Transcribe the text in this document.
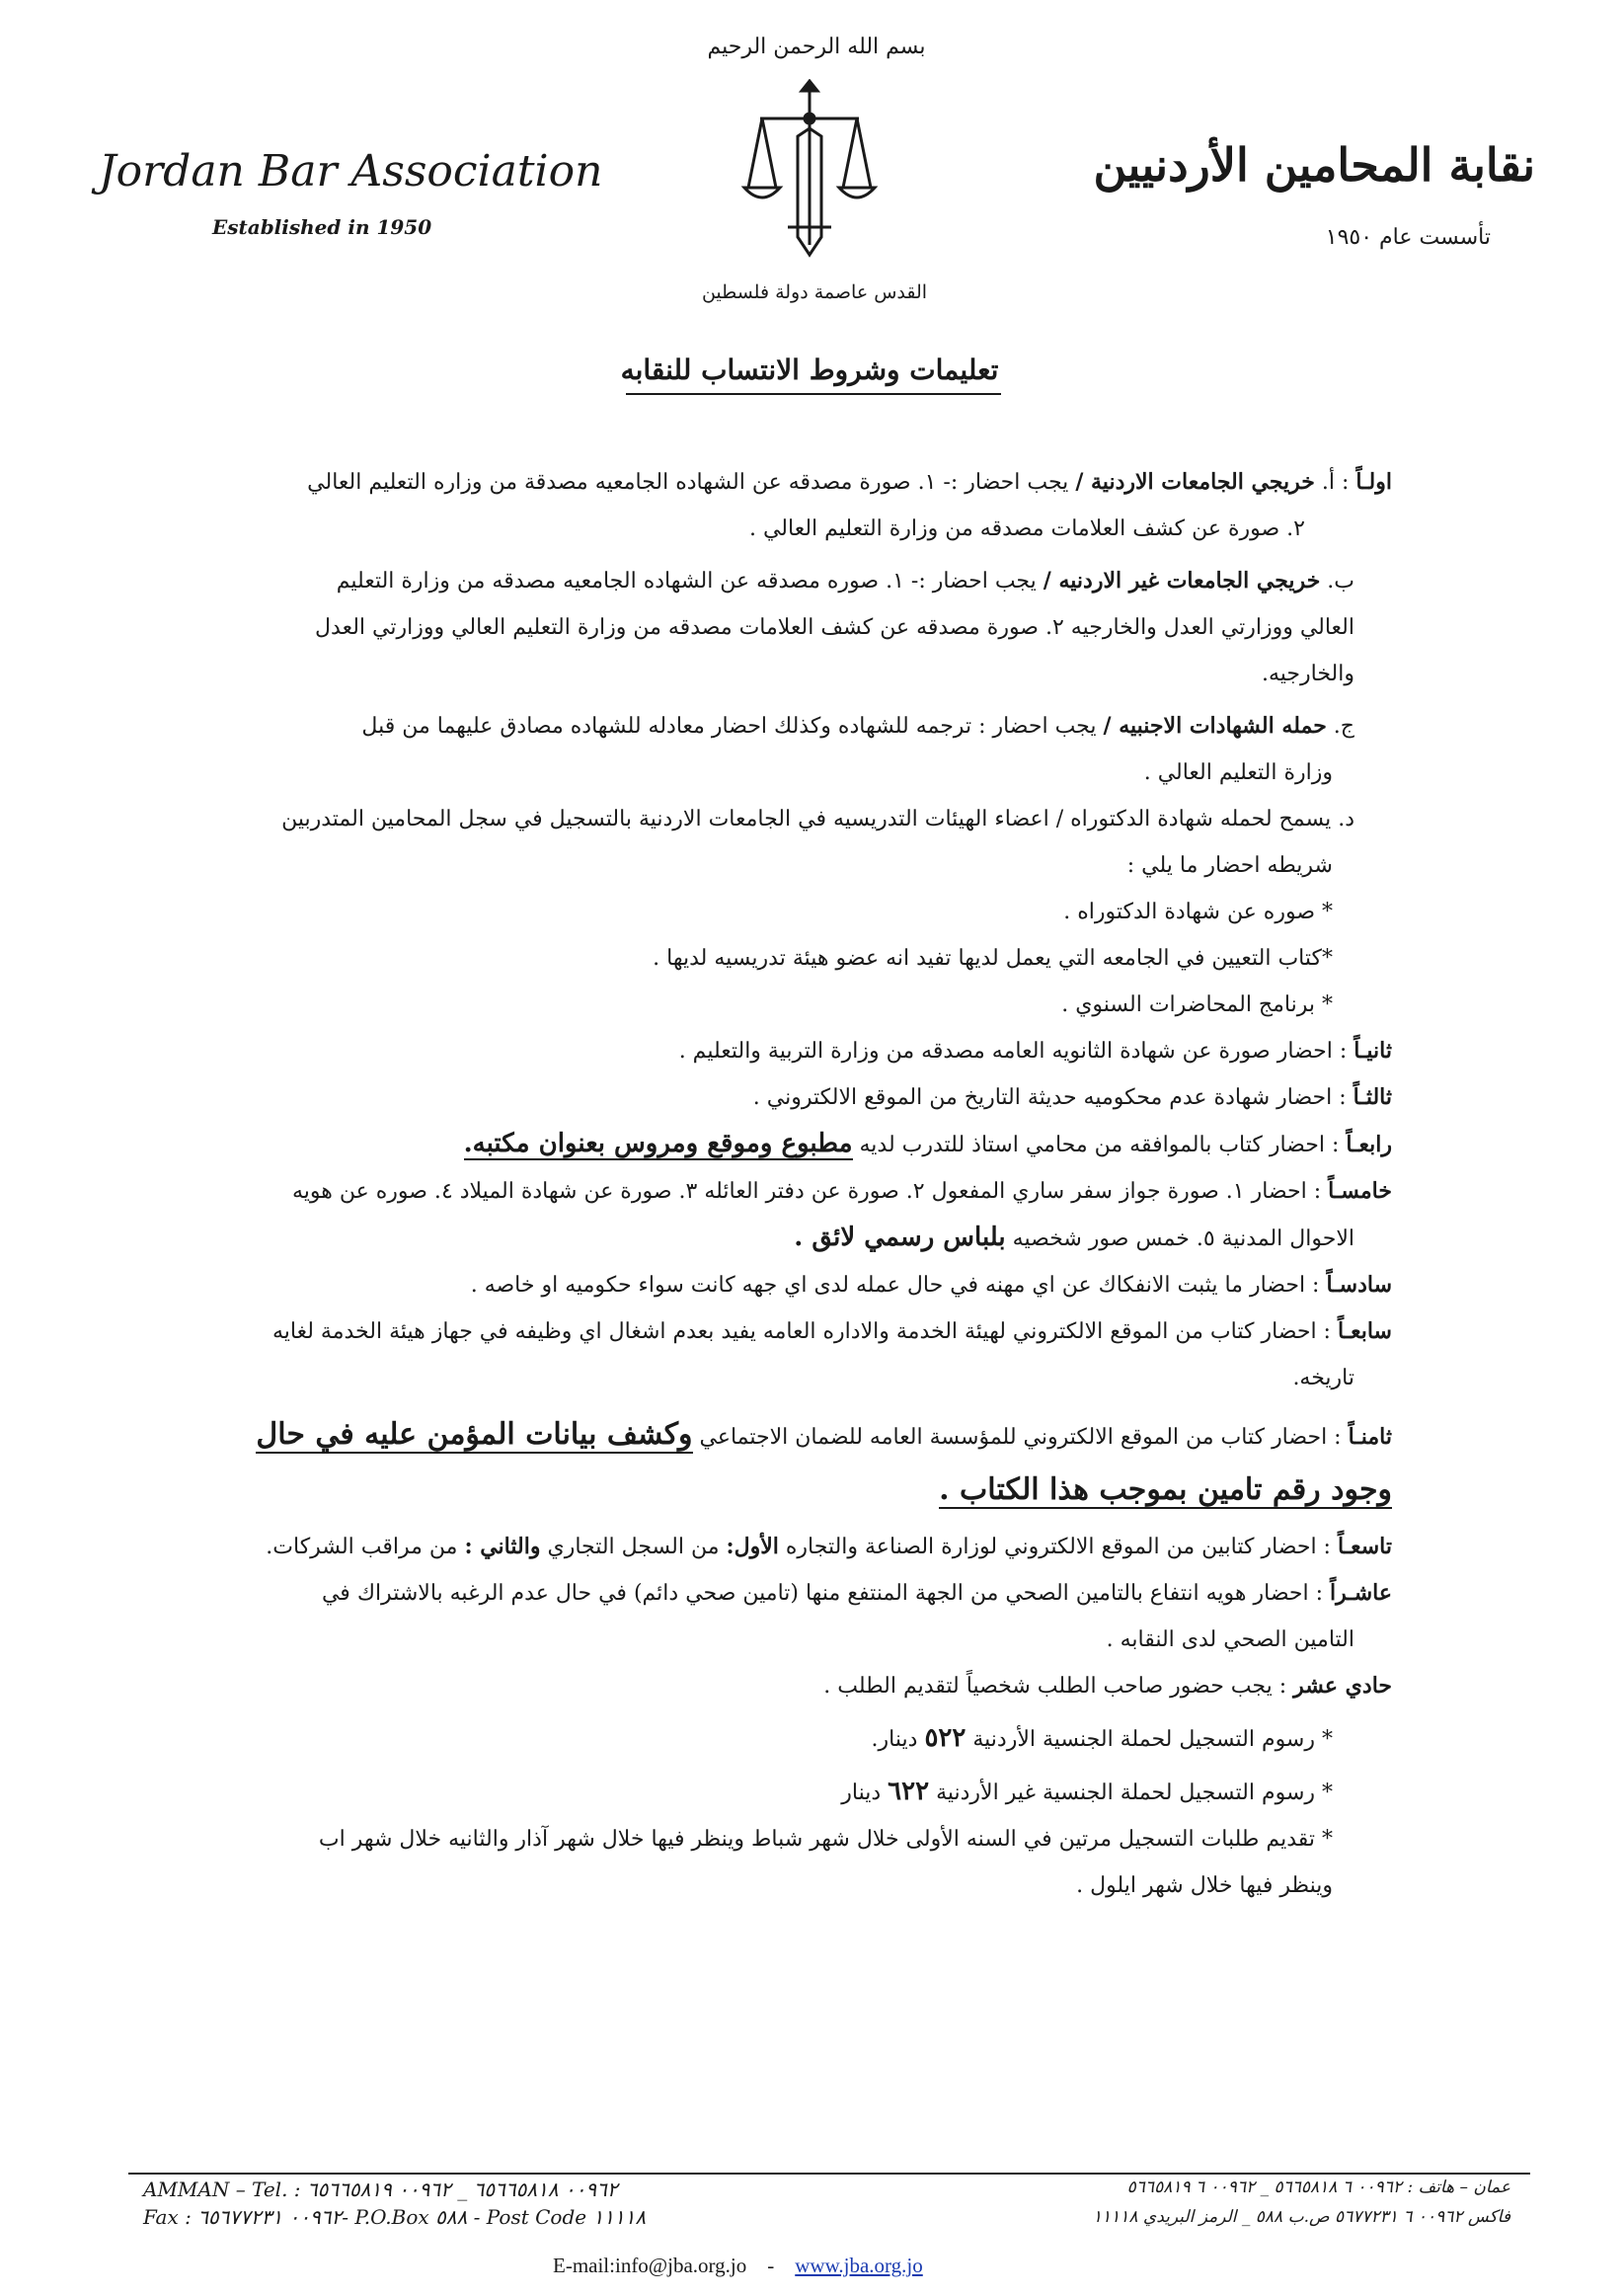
Jordan Bar Association
Established in 1950
نقابة المحامين الأردنيين
تأسست عام ١٩٥٠
بسم الله الرحمن الرحيم
القدس عاصمة دولة فلسطين
تعليمات وشروط الانتساب للنقابه

اولـاً : أ. خريجي الجامعات الاردنية / يجب احضار :- ١. صورة مصدقه عن الشهاده الجامعيه مصدقة من وزاره التعليم العالي

٢. صورة عن كشف العلامات مصدقه من وزارة التعليم العالي .

ب. خريجي الجامعات غير الاردنيه / يجب احضار :- ١. صوره مصدقه عن الشهاده الجامعيه مصدقه من وزارة التعليم

العالي ووزارتي العدل والخارجيه ٢. صورة مصدقه عن كشف العلامات مصدقه من وزارة التعليم العالي ووزارتي العدل

والخارجيه.

ج. حمله الشهادات الاجنبيه / يجب احضار : ترجمه للشهاده وكذلك احضار معادله للشهاده مصادق عليهما من قبل

وزارة التعليم العالي .

د. يسمح لحمله شهادة الدكتوراه / اعضاء الهيئات التدريسيه في الجامعات الاردنية بالتسجيل في سجل المحامين المتدربين

شريطه احضار ما يلي :

* صوره عن شهادة الدكتوراه .

*كتاب التعيين في الجامعه التي يعمل لديها تفيد انه عضو هيئة تدريسيه لديها .

* برنامج المحاضرات السنوي .

ثانيـاً : احضار صورة عن شهادة الثانويه العامه مصدقه من وزارة التربية والتعليم .

ثالثـاً : احضار شهادة عدم محكوميه حديثة التاريخ من الموقع الالكتروني .

رابعـاً : احضار كتاب بالموافقه من محامي استاذ للتدرب لديه مطبوع وموقع ومروس بعنوان مكتبه.

خامسـاً : احضار ١. صورة جواز سفر ساري المفعول ٢. صورة عن دفتر العائله ٣. صورة عن شهادة الميلاد ٤. صوره عن هويه

الاحوال المدنية ٥. خمس صور شخصيه بلباس رسمي لائق .

سادسـاً : احضار ما يثبت الانفكاك عن اي مهنه في حال عمله لدى اي جهه كانت سواء حكوميه او خاصه .

سابعـاً : احضار كتاب من الموقع الالكتروني لهيئة الخدمة والاداره العامه يفيد بعدم اشغال اي وظيفه في جهاز هيئة الخدمة لغايه

تاريخه.

ثامنـاً : احضار كتاب من الموقع الالكتروني للمؤسسة العامه للضمان الاجتماعي وكشف بيانات المؤمن عليه في حال

وجود رقم تامين بموجب هذا الكتاب .

تاسعـاً : احضار كتابين من الموقع الالكتروني لوزارة الصناعة والتجاره الأول: من السجل التجاري والثاني : من مراقب الشركات.

عاشـراً : احضار هويه انتفاع بالتامين الصحي من الجهة المنتفع منها (تامين صحي دائم) في حال عدم الرغبه بالاشتراك في

التامين الصحي لدى النقابه .

حادي عشر : يجب حضور صاحب الطلب شخصياً لتقديم الطلب .

* رسوم التسجيل لحملة الجنسية الأردنية ٥٢٢ دينار.

* رسوم التسجيل لحملة الجنسية غير الأردنية ٦٢٢ دينار

* تقديم طلبات التسجيل مرتين في السنه الأولى خلال شهر شباط وينظر فيها خلال شهر آذار والثانيه خلال شهر اب

وينظر فيها خلال شهر ايلول .

AMMAN – Tel. : ٠٠٩٦٢ ٦٥٦٦٥٨١٨ _ ٠٠٩٦٢ ٦٥٦٦٥٨١٩
Fax : ٠٠٩٦٢ ٦٥٦٧٧٢٣١- P.O.Box ٥٨٨ - Post Code ١١١١٨
عمان – هاتف : ٠٠٩٦٢ ٦ ٥٦٦٥٨١٨ _ ٠٠٩٦٢ ٦ ٥٦٦٥٨١٩
فاكس ٠٠٩٦٢ ٦ ٥٦٧٧٢٣١ ص.ب ٥٨٨ _ الرمز البريدي ١١١١٨
E-mail:info@jba.org.jo - www.jba.org.jo
